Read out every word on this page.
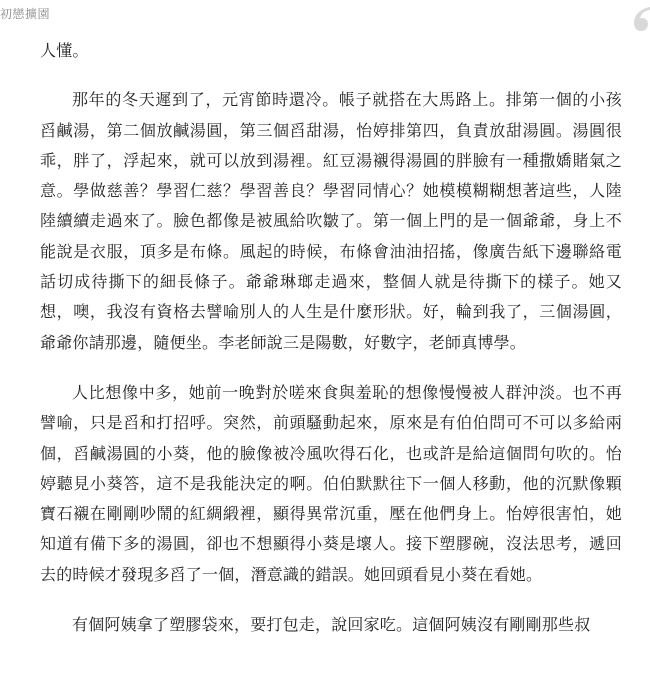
初戀擴園

人懂。

那年的冬天遲到了，元宵節時還冷。帳子就搭在大馬路上。排第一個的小孩舀鹹湯，第二個放鹹湯圓，第三個舀甜湯，怡婷排第四，負責放甜湯圓。湯圓很乖，胖了，浮起來，就可以放到湯裡。紅豆湯襯得湯圓的胖臉有一種撒嬌賭氣之意。學做慈善？學習仁慈？學習善良？學習同情心？她模模糊糊想著這些，人陸陸續續走過來了。臉色都像是被風給吹皺了。第一個上門的是一個爺爺，身上不能說是衣服，頂多是布條。風起的時候，布條會油油招搖，像廣告紙下邊聯絡電話切成待撕下的細長條子。爺爺琳瑯走過來，整個人就是待撕下的樣子。她又想，噢，我沒有資格去譬喻別人的人生是什麼形狀。好，輪到我了，三個湯圓，爺爺你請那邊，隨便坐。李老師說三是陽數，好數字，老師真博學。

人比想像中多，她前一晚對於嗟來食與羞恥的想像慢慢被人群沖淡。也不再譬喻，只是舀和打招呼。突然，前頭騷動起來，原來是有伯伯問可不可以多給兩個，舀鹹湯圓的小葵，他的臉像被冷風吹得石化，也或許是給這個問句吹的。怡婷聽見小葵答，這不是我能決定的啊。伯伯默默往下一個人移動，他的沉默像顆寶石襯在剛剛吵鬧的紅綢緞裡，顯得異常沉重，壓在他們身上。怡婷很害怕，她知道有備下多的湯圓，卻也不想顯得小葵是壞人。接下塑膠碗，沒法思考，遞回去的時候才發現多舀了一個，潛意識的錯誤。她回頭看見小葵在看她。

有個阿姨拿了塑膠袋來，要打包走，說回家吃。這個阿姨沒有剛剛那些叔
